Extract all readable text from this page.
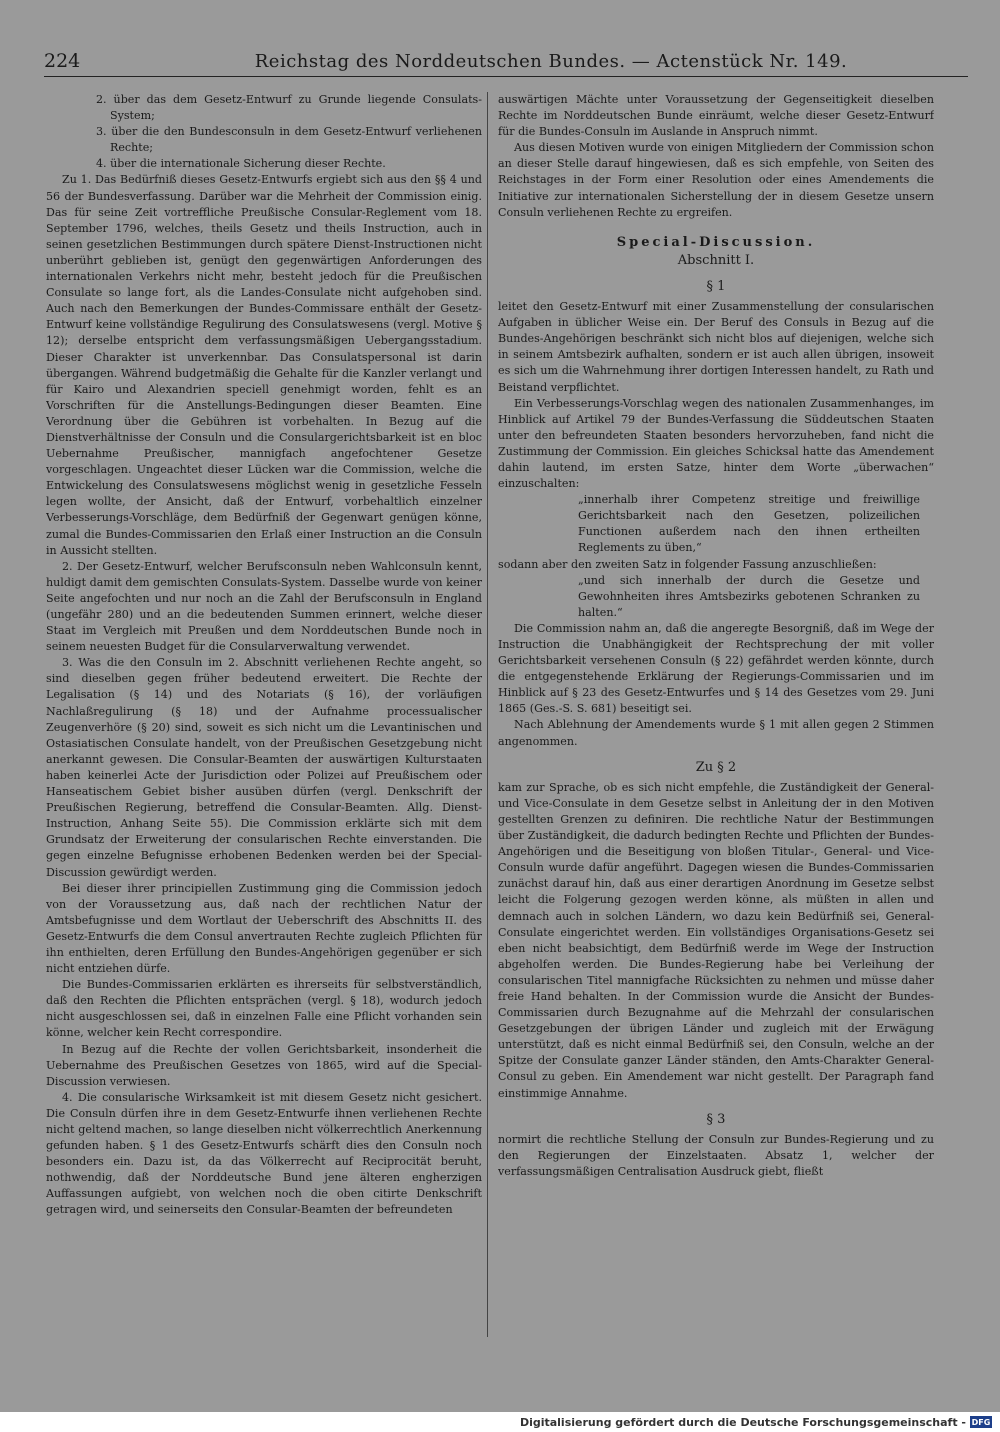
224	Reichstag des Norddeutschen Bundes. — Actenstück Nr. 149.

2. über das dem Gesetz-Entwurf zu Grunde liegende Consulats-System;

3. über die den Bundesconsuln in dem Gesetz-Entwurf verliehenen Rechte;

4. über die internationale Sicherung dieser Rechte.

Zu 1. Das Bedürfniß dieses Gesetz-Entwurfs ergiebt sich aus den §§ 4 und 56 der Bundesverfassung. Darüber war die Mehrheit der Commission einig. Das für seine Zeit vortreffliche Preußische Consular-Reglement vom 18. September 1796, welches, theils Gesetz und theils Instruction, auch in seinen gesetzlichen Bestimmungen durch spätere Dienst-Instructionen nicht unberührt geblieben ist, genügt den gegenwärtigen Anforderungen des internationalen Verkehrs nicht mehr, besteht jedoch für die Preußischen Consulate so lange fort, als die Landes-Consulate nicht aufgehoben sind. Auch nach den Bemerkungen der Bundes-Commissare enthält der Gesetz-Entwurf keine vollständige Regulirung des Consulatswesens (vergl. Motive § 12); derselbe entspricht dem verfassungsmäßigen Uebergangsstadium. Dieser Charakter ist unverkennbar. Das Consulatspersonal ist darin übergangen. Während budgetmäßig die Gehalte für die Kanzler verlangt und für Kairo und Alexandrien speciell genehmigt worden, fehlt es an Vorschriften für die Anstellungs-Bedingungen dieser Beamten. Eine Verordnung über die Gebühren ist vorbehalten. In Bezug auf die Dienstverhältnisse der Consuln und die Consulargerichtsbarkeit ist en bloc Uebernahme Preußischer, mannigfach angefochtener Gesetze vorgeschlagen. Ungeachtet dieser Lücken war die Commission, welche die Entwickelung des Consulatswesens möglichst wenig in gesetzliche Fesseln legen wollte, der Ansicht, daß der Entwurf, vorbehaltlich einzelner Verbesserungs-Vorschläge, dem Bedürfniß der Gegenwart genügen könne, zumal die Bundes-Commissarien den Erlaß einer Instruction an die Consuln in Aussicht stellten.

2. Der Gesetz-Entwurf, welcher Berufsconsuln neben Wahlconsuln kennt, huldigt damit dem gemischten Consulats-System. Dasselbe wurde von keiner Seite angefochten und nur noch an die Zahl der Berufsconsuln in England (ungefähr 280) und an die bedeutenden Summen erinnert, welche dieser Staat im Vergleich mit Preußen und dem Norddeutschen Bunde noch in seinem neuesten Budget für die Consularverwaltung verwendet.

3. Was die den Consuln im 2. Abschnitt verliehenen Rechte angeht, so sind dieselben gegen früher bedeutend erweitert. Die Rechte der Legalisation (§ 14) und des Notariats (§ 16), der vorläufigen Nachlaßregulirung (§ 18) und der Aufnahme processualischer Zeugenverhöre (§ 20) sind, soweit es sich nicht um die Levantinischen und Ostasiatischen Consulate handelt, von der Preußischen Gesetzgebung nicht anerkannt gewesen. Die Consular-Beamten der auswärtigen Kulturstaaten haben keinerlei Acte der Jurisdiction oder Polizei auf Preußischem oder Hanseatischem Gebiet bisher ausüben dürfen (vergl. Denkschrift der Preußischen Regierung, betreffend die Consular-Beamten. Allg. Dienst-Instruction, Anhang Seite 55). Die Commission erklärte sich mit dem Grundsatz der Erweiterung der consularischen Rechte einverstanden. Die gegen einzelne Befugnisse erhobenen Bedenken werden bei der Special-Discussion gewürdigt werden.

Bei dieser ihrer principiellen Zustimmung ging die Commission jedoch von der Voraussetzung aus, daß nach der rechtlichen Natur der Amtsbefugnisse und dem Wortlaut der Ueberschrift des Abschnitts II. des Gesetz-Entwurfs die dem Consul anvertrauten Rechte zugleich Pflichten für ihn enthielten, deren Erfüllung den Bundes-Angehörigen gegenüber er sich nicht entziehen dürfe.

Die Bundes-Commissarien erklärten es ihrerseits für selbstverständlich, daß den Rechten die Pflichten entsprächen (vergl. § 18), wodurch jedoch nicht ausgeschlossen sei, daß in einzelnen Falle eine Pflicht vorhanden sein könne, welcher kein Recht correspondire.

In Bezug auf die Rechte der vollen Gerichtsbarkeit, insonderheit die Uebernahme des Preußischen Gesetzes von 1865, wird auf die Special-Discussion verwiesen.

4. Die consularische Wirksamkeit ist mit diesem Gesetz nicht gesichert. Die Consuln dürfen ihre in dem Gesetz-Entwurfe ihnen verliehenen Rechte nicht geltend machen, so lange dieselben nicht völkerrechtlich Anerkennung gefunden haben. § 1 des Gesetz-Entwurfs schärft dies den Consuln noch besonders ein. Dazu ist, da das Völkerrecht auf Reciprocität beruht, nothwendig, daß der Norddeutsche Bund jene älteren engherzigen Auffassungen aufgiebt, von welchen noch die oben citirte Denkschrift getragen wird, und seinerseits den Consular-Beamten der befreundeten

auswärtigen Mächte unter Voraussetzung der Gegenseitigkeit dieselben Rechte im Norddeutschen Bunde einräumt, welche dieser Gesetz-Entwurf für die Bundes-Consuln im Auslande in Anspruch nimmt.

Aus diesen Motiven wurde von einigen Mitgliedern der Commission schon an dieser Stelle darauf hingewiesen, daß es sich empfehle, von Seiten des Reichstages in der Form einer Resolution oder eines Amendements die Initiative zur internationalen Sicherstellung der in diesem Gesetze unsern Consuln verliehenen Rechte zu ergreifen.

Special-Discussion.
Abschnitt I.
§ 1

leitet den Gesetz-Entwurf mit einer Zusammenstellung der consularischen Aufgaben in üblicher Weise ein. Der Beruf des Consuls in Bezug auf die Bundes-Angehörigen beschränkt sich nicht blos auf diejenigen, welche sich in seinem Amtsbezirk aufhalten, sondern er ist auch allen übrigen, insoweit es sich um die Wahrnehmung ihrer dortigen Interessen handelt, zu Rath und Beistand verpflichtet.

Ein Verbesserungs-Vorschlag wegen des nationalen Zusammenhanges, im Hinblick auf Artikel 79 der Bundes-Verfassung die Süddeutschen Staaten unter den befreundeten Staaten besonders hervorzuheben, fand nicht die Zustimmung der Commission. Ein gleiches Schicksal hatte das Amendement dahin lautend, im ersten Satze, hinter dem Worte „überwachen“ einzuschalten:

„innerhalb ihrer Competenz streitige und freiwillige Gerichtsbarkeit nach den Gesetzen, polizeilichen Functionen außerdem nach den ihnen ertheilten Reglements zu üben,“

sodann aber den zweiten Satz in folgender Fassung anzuschließen:

„und sich innerhalb der durch die Gesetze und Gewohnheiten ihres Amtsbezirks gebotenen Schranken zu halten.“

Die Commission nahm an, daß die angeregte Besorgniß, daß im Wege der Instruction die Unabhängigkeit der Rechtsprechung der mit voller Gerichtsbarkeit versehenen Consuln (§ 22) gefährdet werden könnte, durch die entgegenstehende Erklärung der Regierungs-Commissarien und im Hinblick auf § 23 des Gesetz-Entwurfes und § 14 des Gesetzes vom 29. Juni 1865 (Ges.-S. S. 681) beseitigt sei.

Nach Ablehnung der Amendements wurde § 1 mit allen gegen 2 Stimmen angenommen.

Zu § 2

kam zur Sprache, ob es sich nicht empfehle, die Zuständigkeit der General- und Vice-Consulate in dem Gesetze selbst in Anleitung der in den Motiven gestellten Grenzen zu definiren. Die rechtliche Natur der Bestimmungen über Zuständigkeit, die dadurch bedingten Rechte und Pflichten der Bundes-Angehörigen und die Beseitigung von bloßen Titular-, General- und Vice-Consuln wurde dafür angeführt. Dagegen wiesen die Bundes-Commissarien zunächst darauf hin, daß aus einer derartigen Anordnung im Gesetze selbst leicht die Folgerung gezogen werden könne, als müßten in allen und demnach auch in solchen Ländern, wo dazu kein Bedürfniß sei, General-Consulate eingerichtet werden. Ein vollständiges Organisations-Gesetz sei eben nicht beabsichtigt, dem Bedürfniß werde im Wege der Instruction abgeholfen werden. Die Bundes-Regierung habe bei Verleihung der consularischen Titel mannigfache Rücksichten zu nehmen und müsse daher freie Hand behalten. In der Commission wurde die Ansicht der Bundes-Commissarien durch Bezugnahme auf die Mehrzahl der consularischen Gesetzgebungen der übrigen Länder und zugleich mit der Erwägung unterstützt, daß es nicht einmal Bedürfniß sei, den Consuln, welche an der Spitze der Consulate ganzer Länder ständen, den Amts-Charakter General-Consul zu geben. Ein Amendement war nicht gestellt. Der Paragraph fand einstimmige Annahme.

§ 3

normirt die rechtliche Stellung der Consuln zur Bundes-Regierung und zu den Regierungen der Einzelstaaten. Absatz 1, welcher der verfassungsmäßigen Centralisation Ausdruck giebt, fließt

Digitalisierung gefördert durch die Deutsche Forschungsgemeinschaft - DFG
